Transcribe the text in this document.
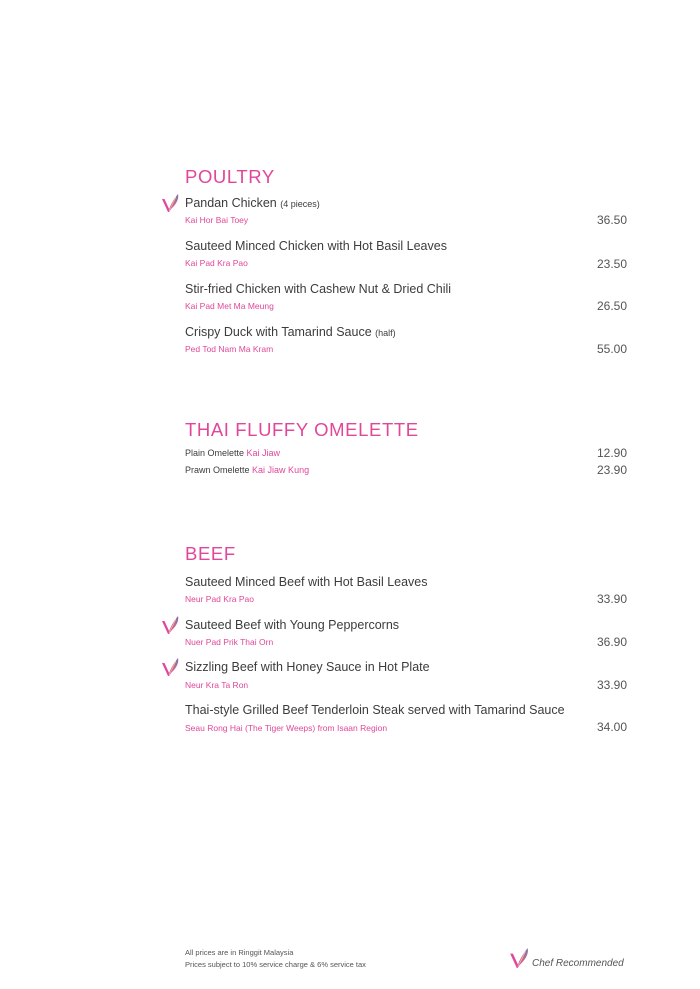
POULTRY
Pandan Chicken (4 pieces)
Kai Hor Bai Toey	36.50
Sauteed Minced Chicken with Hot Basil Leaves
Kai Pad Kra Pao	23.50
Stir-fried Chicken with Cashew Nut & Dried Chili
Kai Pad Met Ma Meung	26.50
Crispy Duck with Tamarind Sauce (half)
Ped Tod Nam Ma Kram	55.00
THAI FLUFFY OMELETTE
Plain Omelette Kai Jiaw	12.90
Prawn Omelette Kai Jiaw Kung	23.90
BEEF
Sauteed Minced Beef with Hot Basil Leaves
Neur Pad Kra Pao	33.90
Sauteed Beef with Young Peppercorns
Nuer Pad Prik Thai Orn	36.90
Sizzling Beef with Honey Sauce in Hot Plate
Neur Kra Ta Ron	33.90
Thai-style Grilled Beef Tenderloin Steak served with Tamarind Sauce
Seau Rong Hai (The Tiger Weeps) from Isaan Region	34.00
All prices are in Ringgit Malaysia
Prices subject to 10% service charge & 6% service tax	Chef Recommended
